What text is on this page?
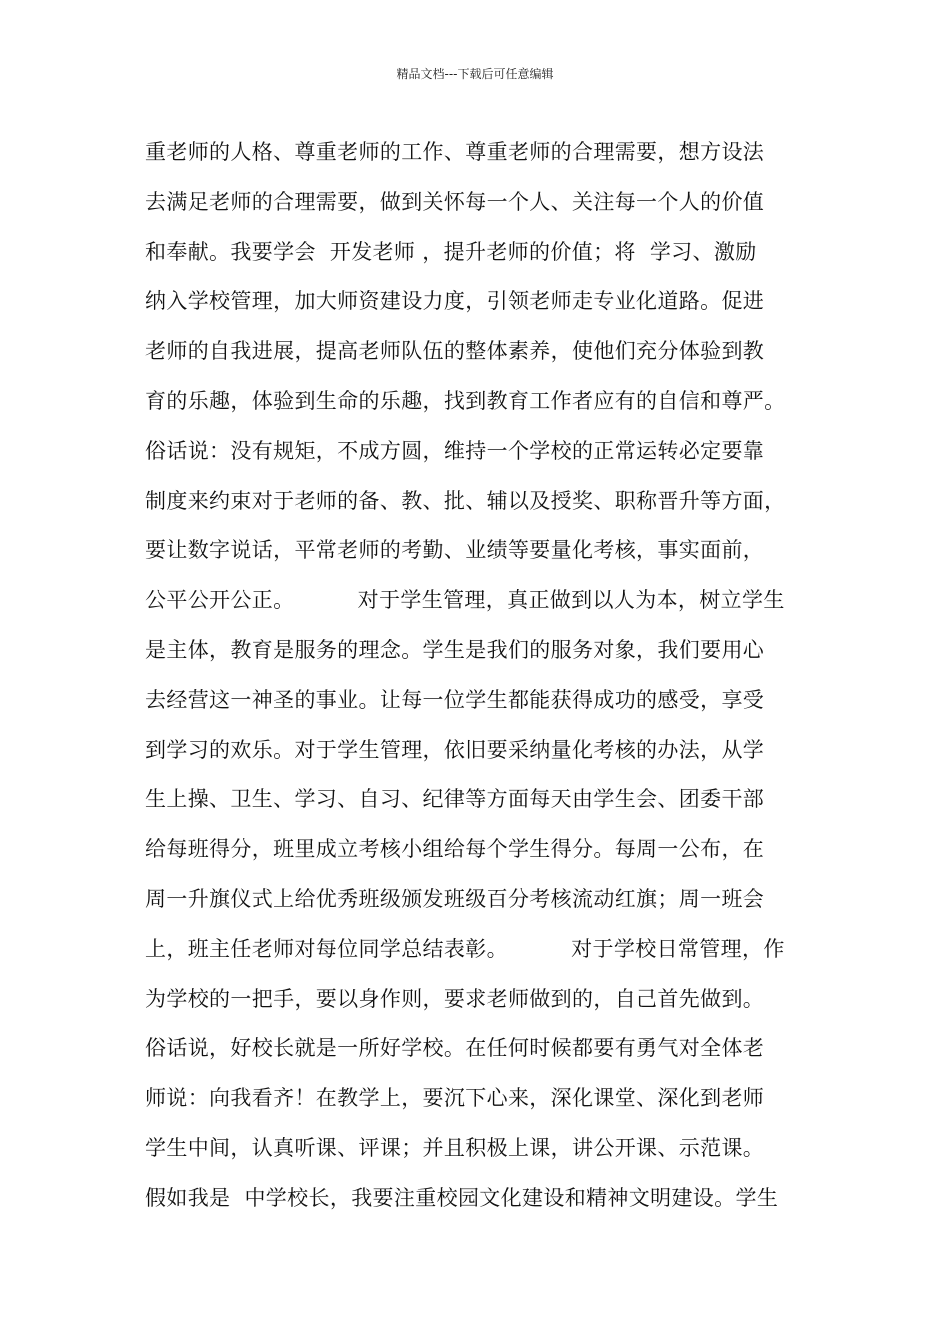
精品文档---下载后可任意编辑
重老师的人格、尊重老师的工作、尊重老师的合理需要，想方设法
去满足老师的合理需要，做到关怀每一个人、关注每一个人的价值
和奉献。我要学会  开发老师 ，提升老师的价值；将  学习、激励
纳入学校管理，加大师资建设力度，引领老师走专业化道路。促进
老师的自我进展，提高老师队伍的整体素养，使他们充分体验到教
育的乐趣，体验到生命的乐趣，找到教育工作者应有的自信和尊严。
俗话说：没有规矩，不成方圆，维持一个学校的正常运转必定要靠
制度来约束对于老师的备、教、批、辅以及授奖、职称晋升等方面，
要让数字说话，平常老师的考勤、业绩等要量化考核，事实面前，
公平公开公正。         对于学生管理，真正做到以人为本，树立学生
是主体，教育是服务的理念。学生是我们的服务对象，我们要用心
去经营这一神圣的事业。让每一位学生都能获得成功的感受，享受
到学习的欢乐。对于学生管理，依旧要采纳量化考核的办法，从学
生上操、卫生、学习、自习、纪律等方面每天由学生会、团委干部
给每班得分，班里成立考核小组给每个学生得分。每周一公布，在
周一升旗仪式上给优秀班级颁发班级百分考核流动红旗；周一班会
上，班主任老师对每位同学总结表彰。         对于学校日常管理，作
为学校的一把手，要以身作则，要求老师做到的，自己首先做到。
俗话说，好校长就是一所好学校。在任何时候都要有勇气对全体老
师说：向我看齐！在教学上，要沉下心来，深化课堂、深化到老师
学生中间，认真听课、评课；并且积极上课，讲公开课、示范课。
假如我是  中学校长，我要注重校园文化建设和精神文明建设。学生
